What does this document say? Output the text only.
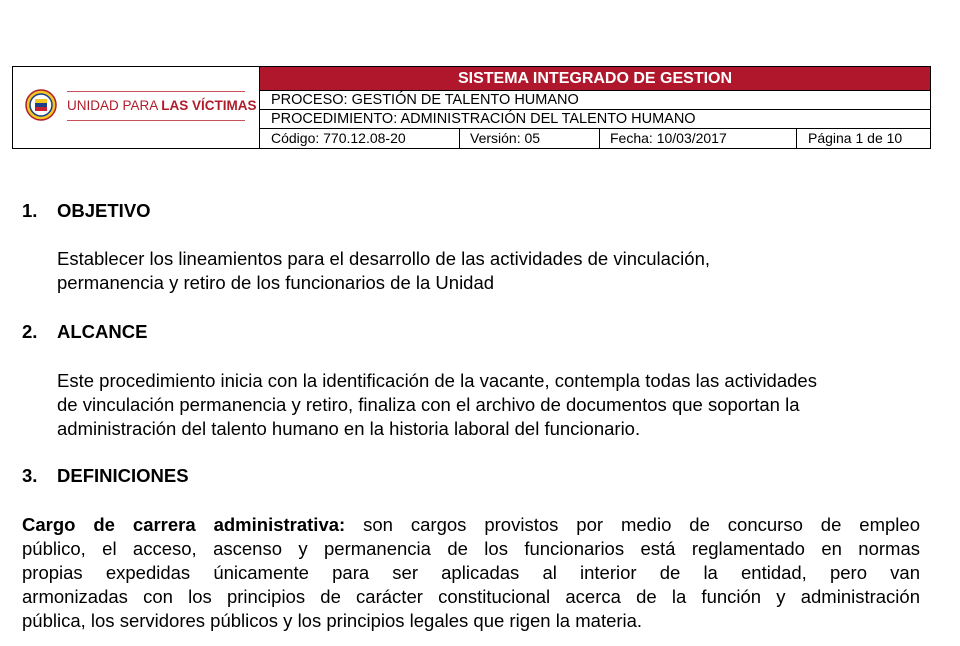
UNIDAD PARA LAS VÍCTIMAS
SISTEMA INTEGRADO DE GESTION
PROCESO: GESTIÓN DE TALENTO HUMANO
PROCEDIMIENTO: ADMINISTRACIÓN DEL TALENTO HUMANO
Código: 770.12.08-20	Versión: 05	Fecha: 10/03/2017	Página 1 de 10
1. OBJETIVO
Establecer los lineamientos para el desarrollo de las actividades de vinculación,
permanencia y retiro de los funcionarios de la Unidad
2. ALCANCE
Este procedimiento inicia con la identificación de la vacante, contempla todas las actividades
de vinculación permanencia y retiro, finaliza con el archivo de documentos que soportan la
administración del talento humano en la historia laboral del funcionario.
3. DEFINICIONES
Cargo de carrera administrativa: son cargos provistos por medio de concurso de empleo
público, el acceso, ascenso y permanencia de los funcionarios está reglamentado en normas
propias expedidas únicamente para ser aplicadas al interior de la entidad, pero van
armonizadas con los principios de carácter constitucional acerca de la función y administración
pública, los servidores públicos y los principios legales que rigen la materia.
